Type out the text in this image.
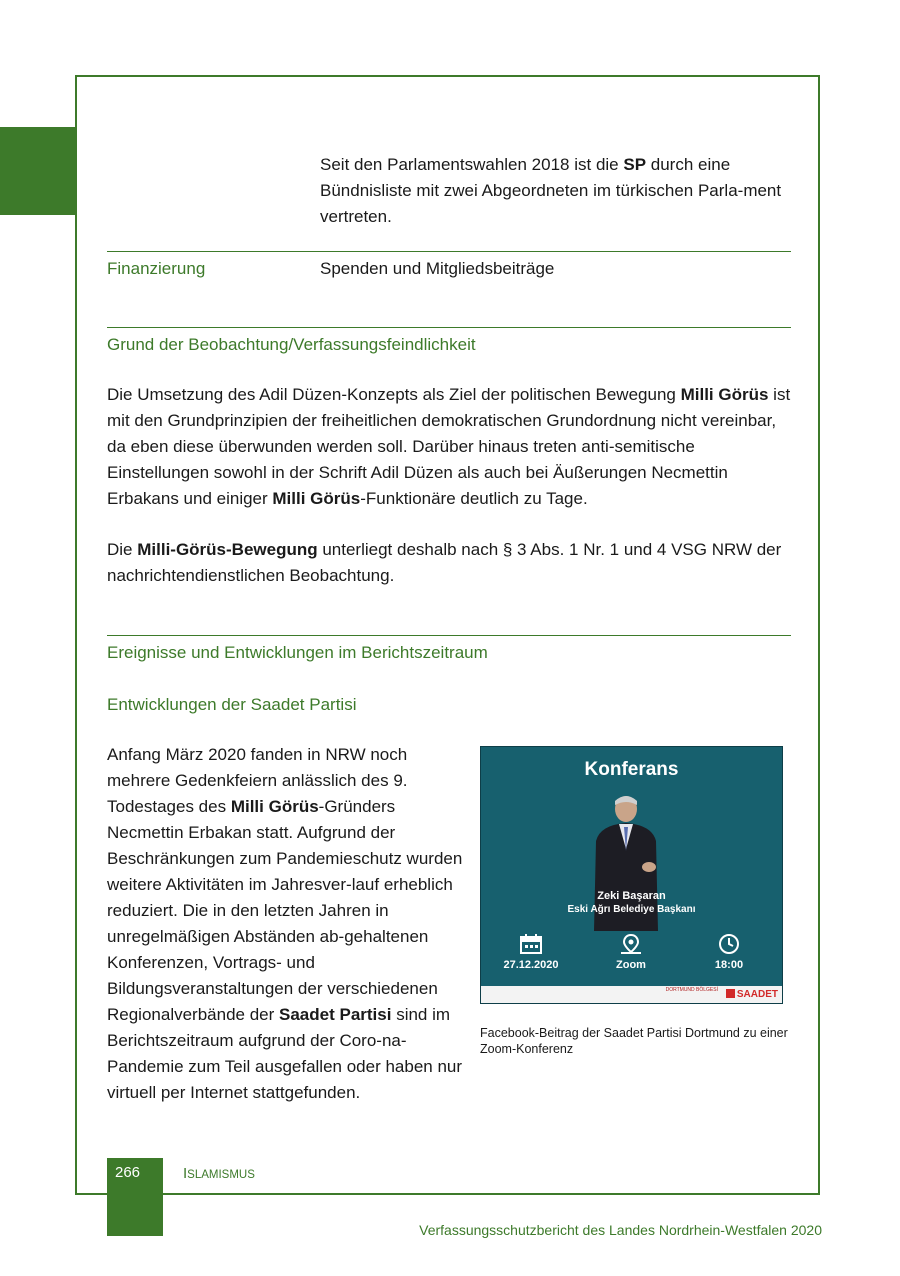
Seit den Parlamentswahlen 2018 ist die SP durch eine Bündnisliste mit zwei Abgeordneten im türkischen Parla-ment vertreten.

Finanzierung	Spenden und Mitgliedsbeiträge
Grund der Beobachtung/Verfassungsfeindlichkeit

Die Umsetzung des Adil Düzen-Konzepts als Ziel der politischen Bewegung Milli Görüs ist mit den Grundprinzipien der freiheitlichen demokratischen Grundordnung nicht vereinbar, da eben diese überwunden werden soll. Darüber hinaus treten anti-semitische Einstellungen sowohl in der Schrift Adil Düzen als auch bei Äußerungen Necmettin Erbakans und einiger Milli Görüs-Funktionäre deutlich zu Tage.

Die Milli-Görüs-Bewegung unterliegt deshalb nach § 3 Abs. 1 Nr. 1 und 4 VSG NRW der nachrichtendienstlichen Beobachtung.

Ereignisse und Entwicklungen im Berichtszeitraum
Entwicklungen der Saadet Partisi

Anfang März 2020 fanden in NRW noch mehrere Gedenkfeiern anlässlich des 9. Todestages des Milli Görüs-Gründers Necmettin Erbakan statt. Aufgrund der Beschränkungen zum Pandemieschutz wurden weitere Aktivitäten im Jahresver-lauf erheblich reduziert. Die in den letzten Jahren in unregelmäßigen Abständen ab-gehaltenen Konferenzen, Vortrags- und Bildungsveranstaltungen der verschiedenen Regionalverbände der Saadet Partisi sind im Berichtszeitraum aufgrund der Coro-na-Pandemie zum Teil ausgefallen oder haben nur virtuell per Internet stattgefunden.

Konferans
Zeki Başaran
Eski Ağrı Belediye Başkanı
27.12.2020	Zoom	18:00
DORTMUND BÖLGESİ	SAADET

Facebook-Beitrag der Saadet Partisi Dortmund zu einer Zoom-Konferenz

266	ISLAMISMUS
Verfassungsschutzbericht des Landes Nordrhein-Westfalen 2020
